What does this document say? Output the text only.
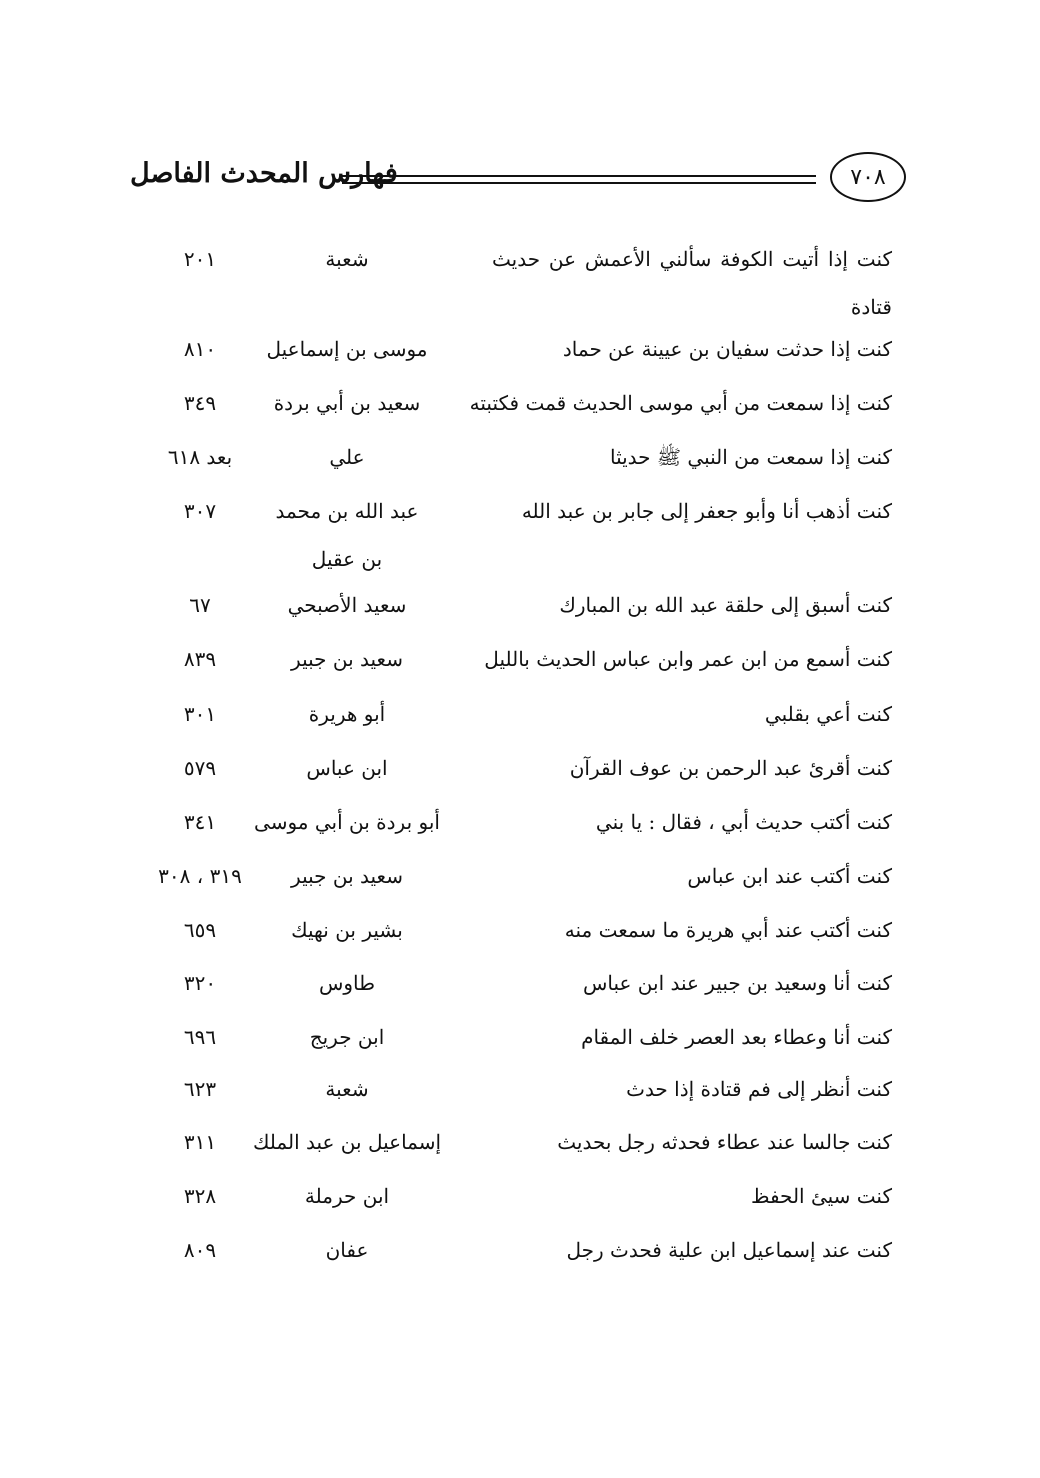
فهارس المحدث الفاصل	٧٠٨
كنت إذا أتيت الكوفة سألني الأعمش عن حديث قتادة
شعبة
٢٠١
كنت إذا حدثت سفيان بن عيينة عن حماد
موسى بن إسماعيل
٨١٠
كنت إذا سمعت من أبي موسى الحديث قمت فكتبته
سعيد بن أبي بردة
٣٤٩
كنت إذا سمعت من النبي ﷺ حديثا
علي
بعد ٦١٨
كنت أذهب أنا وأبو جعفر إلى جابر بن عبد الله
عبد الله بن محمد بن عقيل
٣٠٧
كنت أسبق إلى حلقة عبد الله بن المبارك
سعيد الأصبحي
٦٧
كنت أسمع من ابن عمر وابن عباس الحديث بالليل
سعيد بن جبير
٨٣٩
كنت أعي بقلبي
أبو هريرة
٣٠١
كنت أقرئ عبد الرحمن بن عوف القرآن
ابن عباس
٥٧٩
كنت أكتب حديث أبي ، فقال : يا بني
أبو بردة بن أبي موسى
٣٤١
كنت أكتب عند ابن عباس
سعيد بن جبير
٣١٩ ، ٣٠٨
كنت أكتب عند أبي هريرة ما سمعت منه
بشير بن نهيك
٦٥٩
كنت أنا وسعيد بن جبير عند ابن عباس
طاوس
٣٢٠
كنت أنا وعطاء بعد العصر خلف المقام
ابن جريج
٦٩٦
كنت أنظر إلى فم قتادة إذا حدث
شعبة
٦٢٣
كنت جالسا عند عطاء فحدثه رجل بحديث
إسماعيل بن عبد الملك
٣١١
كنت سيئ الحفظ
ابن حرملة
٣٢٨
كنت عند إسماعيل ابن علية فحدث رجل
عفان
٨٠٩
